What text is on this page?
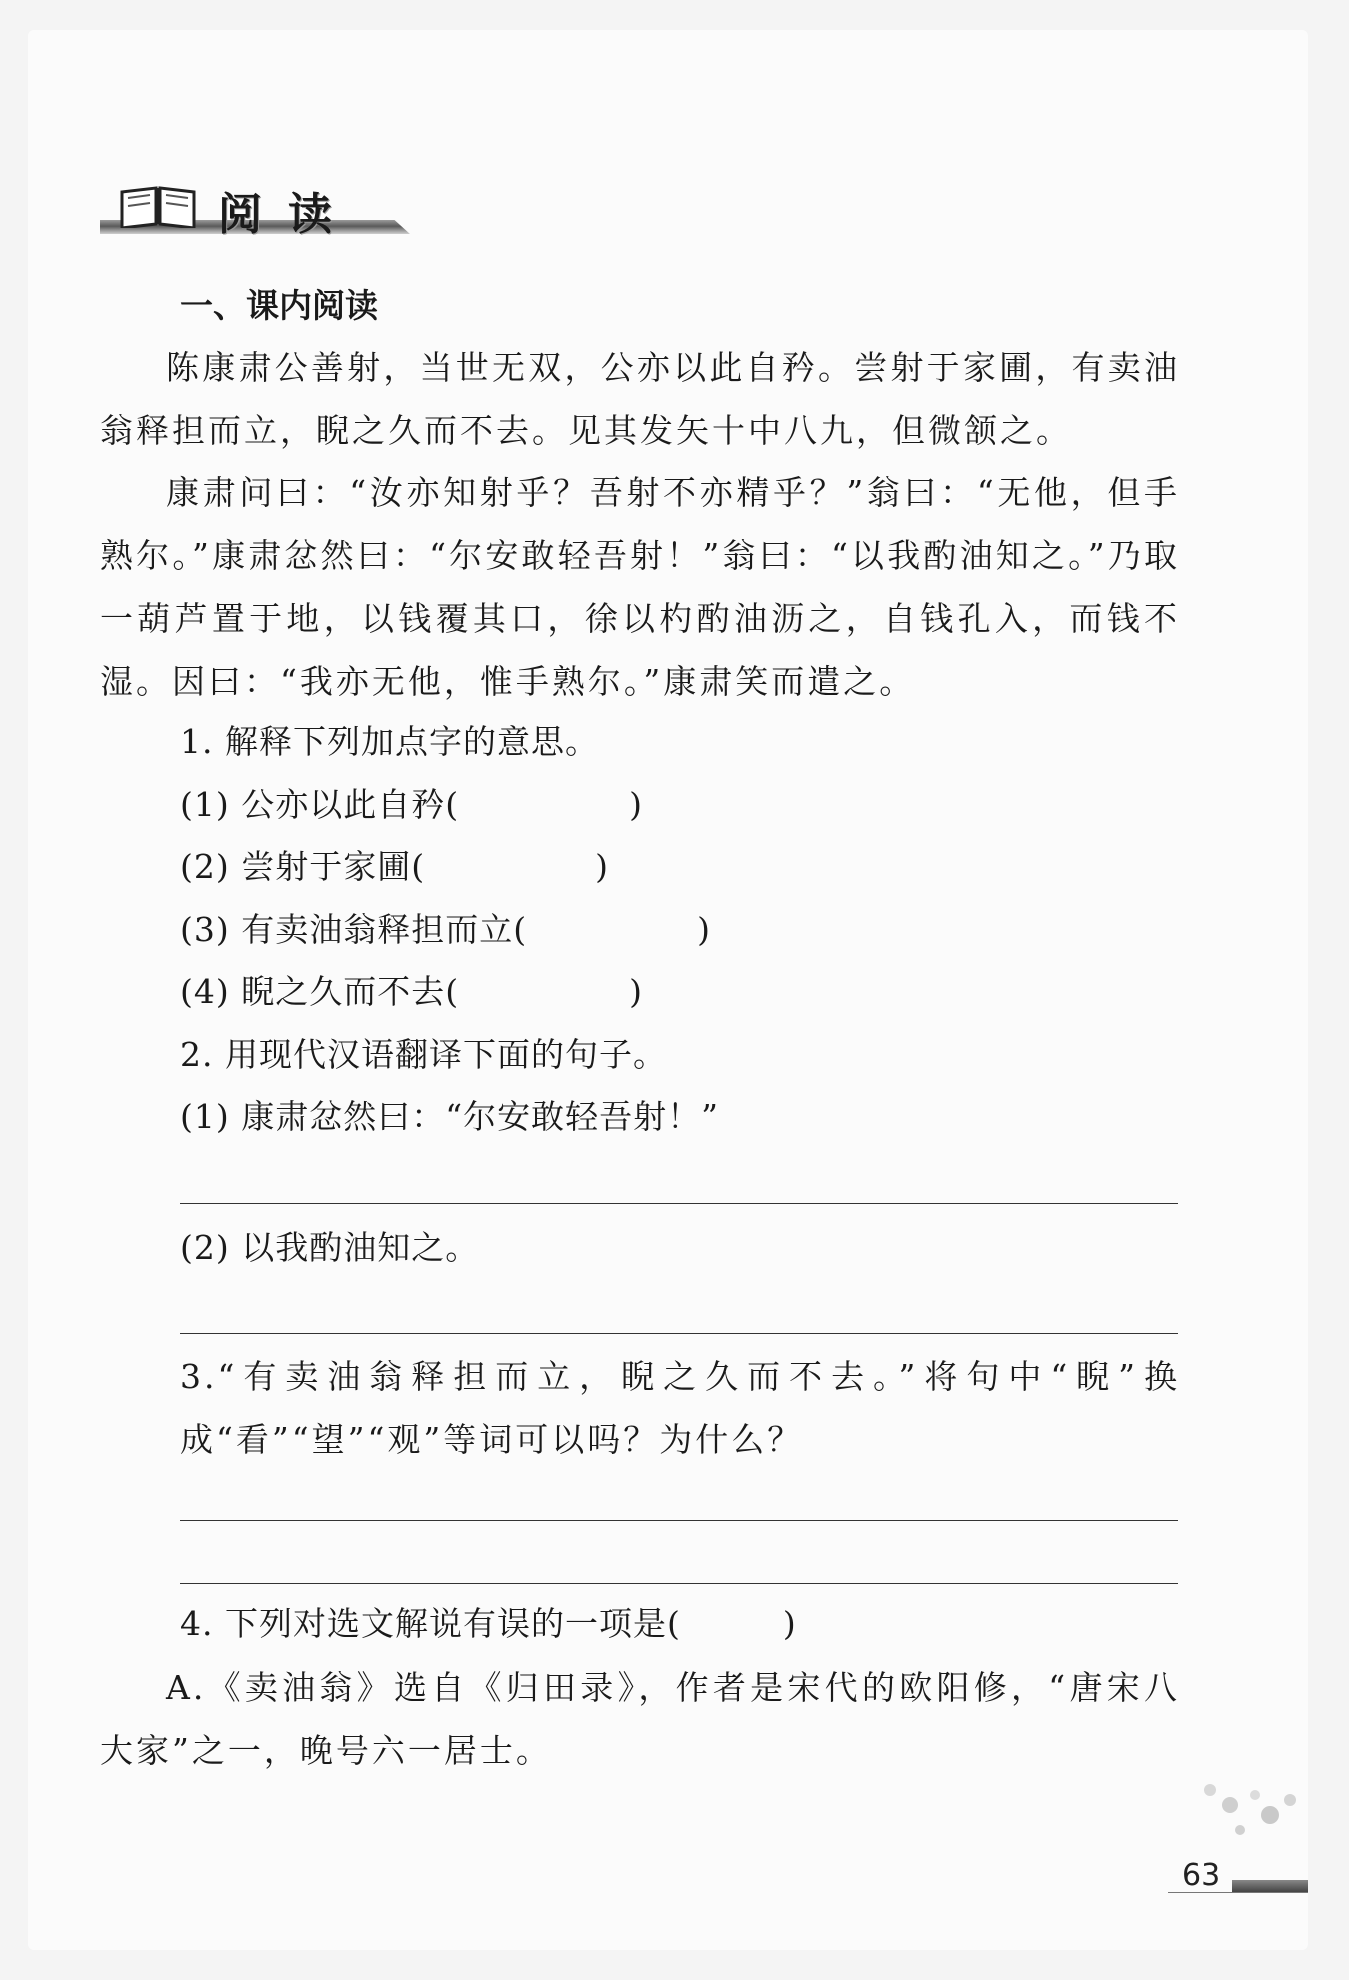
阅读
一、课内阅读

陈康肃公善射，当世无双，公亦以此自矜。尝射于家圃，有卖油翁释担而立，睨之久而不去。见其发矢十中八九，但微颔之。

康肃问曰：“汝亦知射乎？吾射不亦精乎？”翁曰：“无他，但手熟尔。”康肃忿然曰：“尔安敢轻吾射！”翁曰：“以我酌油知之。”乃取一葫芦置于地，以钱覆其口，徐以杓酌油沥之，自钱孔入，而钱不湿。因曰：“我亦无他，惟手熟尔。”康肃笑而遣之。

1. 解释下列加点字的意思。
(1) 公亦以此自矜(　　　　　)
(2) 尝射于家圃(　　　　　)
(3) 有卖油翁释担而立(　　　　　)
(4) 睨之久而不去(　　　　　)
2. 用现代汉语翻译下面的句子。
(1) 康肃忿然曰：“尔安敢轻吾射！”
(2) 以我酌油知之。

3.“有卖油翁释担而立，睨之久而不去。”将句中“睨”换成“看”“望”“观”等词可以吗？为什么？

4. 下列对选文解说有误的一项是(　　　)

A.《卖油翁》选自《归田录》，作者是宋代的欧阳修，“唐宋八大家”之一，晚号六一居士。

63
